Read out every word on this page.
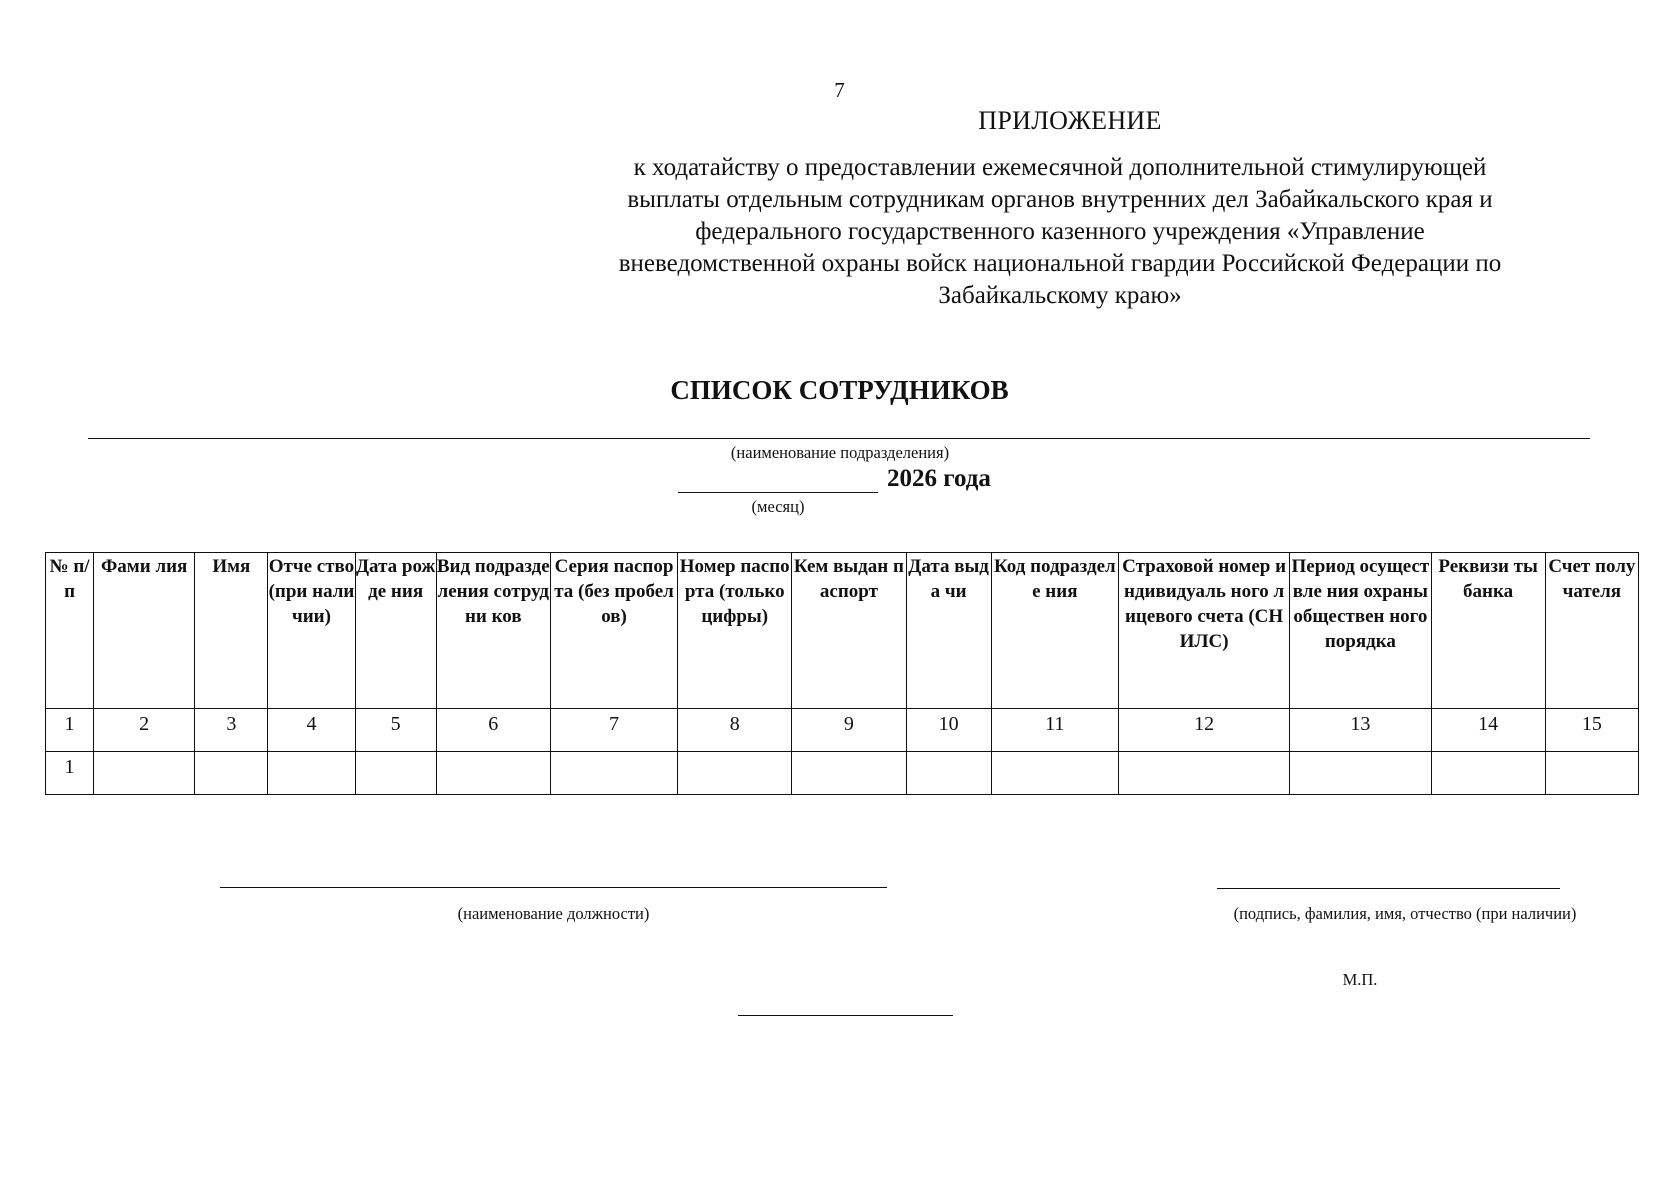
7
ПРИЛОЖЕНИЕ
к ходатайству о предоставлении ежемесячной дополнительной стимулирующей
выплаты отдельным сотрудникам органов внутренних дел Забайкальского края и
федерального государственного казенного учреждения «Управление
вневедомственной охраны войск национальной гвардии Российской Федерации по
Забайкальскому краю»
СПИСОК СОТРУДНИКОВ
(наименование подразделения)
2026 года
(месяц)
№ п/п	Фами лия	Имя	Отче ство (при нали чии)	Дата рожде ния	Вид подразде ления сотрудни ков	Серия паспорта (без пробелов)	Номер паспорта (только цифры)	Кем выдан паспорт	Дата выда чи	Код подразделе ния	Страховой номер индивидуаль ного лицевого счета (СНИЛС)	Период осуществле ния охраны обществен ного порядка	Реквизи ты банка	Счет полу чателя
1	2	3	4	5	6	7	8	9	10	11	12	13	14	15
1														
(наименование должности)	(подпись, фамилия, имя, отчество (при наличии)
М.П.
